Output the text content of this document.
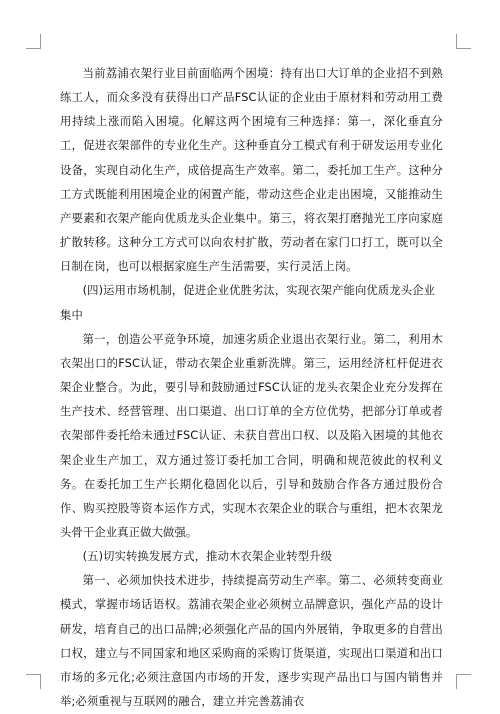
当前荔浦衣架行业目前面临两个困境：持有出口大订单的企业招不到熟练工人，而众多没有获得出口产品FSC认证的企业由于原材料和劳动用工费用持续上涨而陷入困境。化解这两个困境有三种选择：第一，深化垂直分工，促进衣架部件的专业化生产。这种垂直分工模式有利于研发运用专业化设备，实现自动化生产，成倍提高生产效率。第二，委托加工生产。这种分工方式既能利用困境企业的闲置产能，带动这些企业走出困境，又能推动生产要素和衣架产能向优质龙头企业集中。第三，将衣架打磨抛光工序向家庭扩散转移。这种分工方式可以向农村扩散，劳动者在家门口打工，既可以全日制在岗，也可以根据家庭生产生活需要，实行灵活上岗。

(四)运用市场机制，促进企业优胜劣汰，实现衣架产能向优质龙头企业集中

第一，创造公平竞争环境，加速劣质企业退出衣架行业。第二，利用木衣架出口的FSC认证，带动衣架企业重新洗牌。第三，运用经济杠杆促进衣架企业整合。为此，要引导和鼓励通过FSC认证的龙头衣架企业充分发挥在生产技术、经营管理、出口渠道、出口订单的全方位优势，把部分订单或者衣架部件委托给未通过FSC认证、未获自营出口权、以及陷入困境的其他衣架企业生产加工，双方通过签订委托加工合同，明确和规范彼此的权利义务。在委托加工生产长期化稳固化以后，引导和鼓励合作各方通过股份合作、购买控股等资本运作方式，实现木衣架企业的联合与重组，把木衣架龙头骨干企业真正做大做强。

(五)切实转换发展方式，推动木衣架企业转型升级

第一、必须加快技术进步，持续提高劳动生产率。第二、必须转变商业模式，掌握市场话语权。荔浦衣架企业必须树立品牌意识，强化产品的设计研发，培育自己的出口品牌;必须强化产品的国内外展销，争取更多的自营出口权，建立与不同国家和地区采购商的采购订货渠道，实现出口渠道和出口市场的多元化;必须注意国内市场的开发，逐步实现产品出口与国内销售并举;必须重视与互联网的融合，建立并完善荔浦衣
